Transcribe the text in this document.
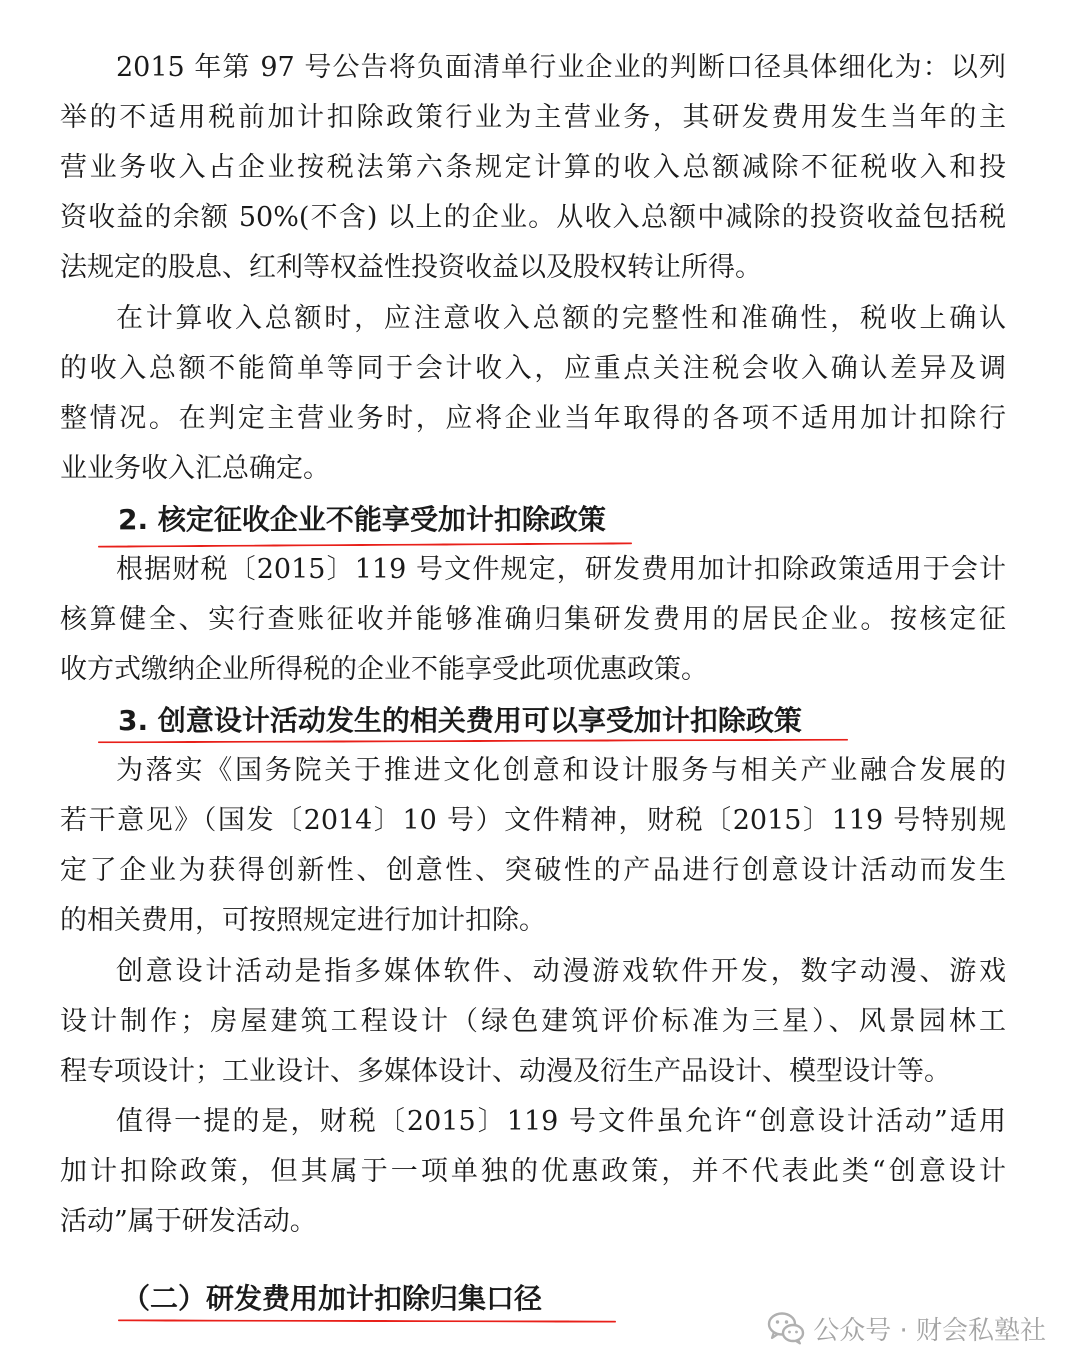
2015 年第 97 号公告将负面清单行业企业的判断口径具体细化为：以列
举的不适用税前加计扣除政策行业为主营业务，其研发费用发生当年的主
营业务收入占企业按税法第六条规定计算的收入总额减除不征税收入和投
资收益的余额 50%(不含) 以上的企业。从收入总额中减除的投资收益包括税
法规定的股息、红利等权益性投资收益以及股权转让所得。
在计算收入总额时，应注意收入总额的完整性和准确性，税收上确认
的收入总额不能简单等同于会计收入，应重点关注税会收入确认差异及调
整情况。在判定主营业务时，应将企业当年取得的各项不适用加计扣除行
业业务收入汇总确定。
2. 核定征收企业不能享受加计扣除政策
根据财税〔2015〕119 号文件规定，研发费用加计扣除政策适用于会计
核算健全、实行查账征收并能够准确归集研发费用的居民企业。按核定征
收方式缴纳企业所得税的企业不能享受此项优惠政策。
3. 创意设计活动发生的相关费用可以享受加计扣除政策
为落实《国务院关于推进文化创意和设计服务与相关产业融合发展的
若干意见》（国发〔2014〕10 号）文件精神，财税〔2015〕119 号特别规
定了企业为获得创新性、创意性、突破性的产品进行创意设计活动而发生
的相关费用，可按照规定进行加计扣除。
创意设计活动是指多媒体软件、动漫游戏软件开发，数字动漫、游戏
设计制作；房屋建筑工程设计（绿色建筑评价标准为三星）、风景园林工
程专项设计；工业设计、多媒体设计、动漫及衍生产品设计、模型设计等。
值得一提的是，财税〔2015〕119 号文件虽允许“创意设计活动”适用
加计扣除政策，但其属于一项单独的优惠政策，并不代表此类“创意设计
活动”属于研发活动。
（二）研发费用加计扣除归集口径
公众号 · 财会私塾社
